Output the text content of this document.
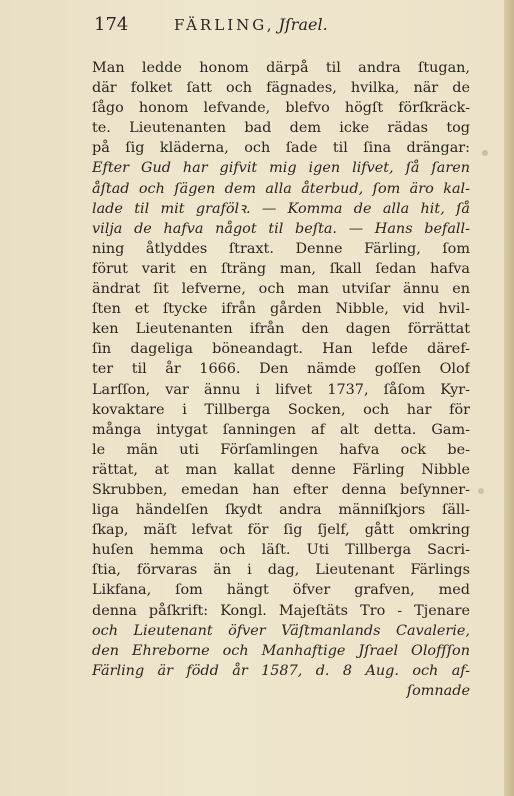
174	FÄRLING, Jſrael.
Man ledde honom därpå til andra ſtugan,
där folket ſatt och fägnades, hvilka, när de
ſågo honom lefvande, blefvo högſt förſkräck-
te. Lieutenanten bad dem icke rädas tog
på ſig kläderna, och ſade til ſina drängar:
Efter Gud har gifvit mig igen lifvet, ſå ſaren
åſtad och ſägen dem alla återbud, ſom äro kal-
lade til mit grafölꝛ. — Komma de alla hit, ſå
vilja de hafva något til beſta. — Hans befall-
ning åtlyddes ſtraxt. Denne Färling, ſom
förut varit en ſträng man, ſkall ſedan hafva
ändrat ſit lefverne, och man utviſar ännu en
ſten et ſtycke ifrån gården Nibble, vid hvil-
ken Lieutenanten ifrån den dagen förrättat
ſin dageliga böneandagt. Han lefde däref-
ter til år 1666. Den nämde goſſen Olof
Larſſon, var ännu i lifvet 1737, ſåſom Kyr-
kovaktare i Tillberga Socken, och har för
många intygat ſanningen af alt detta. Gam-
le män uti Förſamlingen hafva ock be-
rättat, at man kallat denne Färling Nibble
Skrubben, emedan han efter denna beſynner-
liga händelſen ſkydt andra männiſkjors ſäll-
ſkap, mäſt lefvat för ſig ſjelf, gått omkring
huſen hemma och läſt. Uti Tillberga Sacri-
ſtia, förvaras än i dag, Lieutenant Färlings
Likfana, ſom hängt öfver grafven, med
denna påſkrift: Kongl. Majeſtäts Tro - Tjenare
och Lieutenant öfver Väſtmanlands Cavalerie,
den Ehreborne och Manhaftige Jſrael Olofſſon
Färling är född år 1587, d. 8 Aug. och af-
ſomnade
